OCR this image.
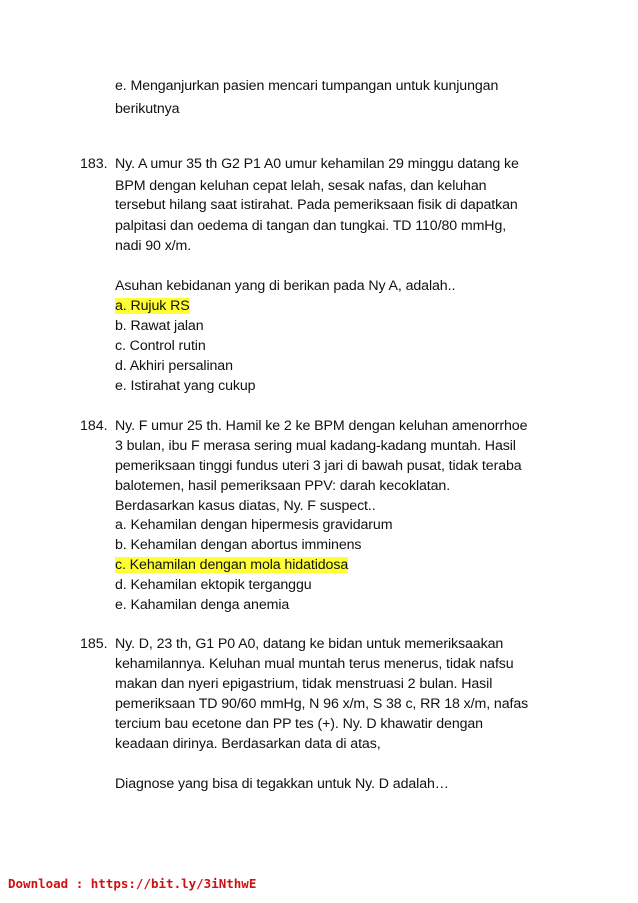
e. Menganjurkan pasien mencari tumpangan untuk kunjungan
berikutnya
183. Ny. A umur 35 th G2 P1 A0 umur kehamilan 29 minggu datang ke
BPM dengan keluhan cepat lelah, sesak nafas, dan keluhan
tersebut hilang saat istirahat. Pada pemeriksaan fisik di dapatkan
palpitasi dan oedema di tangan dan tungkai. TD 110/80 mmHg,
nadi 90 x/m.
Asuhan kebidanan yang di berikan pada Ny A, adalah..
a. Rujuk RS
b. Rawat jalan
c. Control rutin
d. Akhiri persalinan
e. Istirahat yang cukup
184. Ny. F umur 25 th. Hamil ke 2 ke BPM dengan keluhan amenorrhoe
3 bulan, ibu F merasa sering mual kadang-kadang muntah. Hasil
pemeriksaan tinggi fundus uteri 3 jari di bawah pusat, tidak teraba
balotemen, hasil pemeriksaan PPV: darah kecoklatan.
Berdasarkan kasus diatas, Ny. F suspect..
a. Kehamilan dengan hipermesis gravidarum
b. Kehamilan dengan abortus imminens
c. Kehamilan dengan mola hidatidosa
d. Kehamilan ektopik terganggu
e. Kahamilan denga anemia
185. Ny. D, 23 th, G1 P0 A0, datang ke bidan untuk memeriksaakan
kehamilannya. Keluhan mual muntah terus menerus, tidak nafsu
makan dan nyeri epigastrium, tidak menstruasi 2 bulan. Hasil
pemeriksaan TD 90/60 mmHg, N 96 x/m, S 38 c, RR 18 x/m, nafas
tercium bau ecetone dan PP tes (+). Ny. D khawatir dengan
keadaan dirinya. Berdasarkan data di atas,
Diagnose yang bisa di tegakkan untuk Ny. D adalah…
Download : https://bit.ly/3iNthwE
